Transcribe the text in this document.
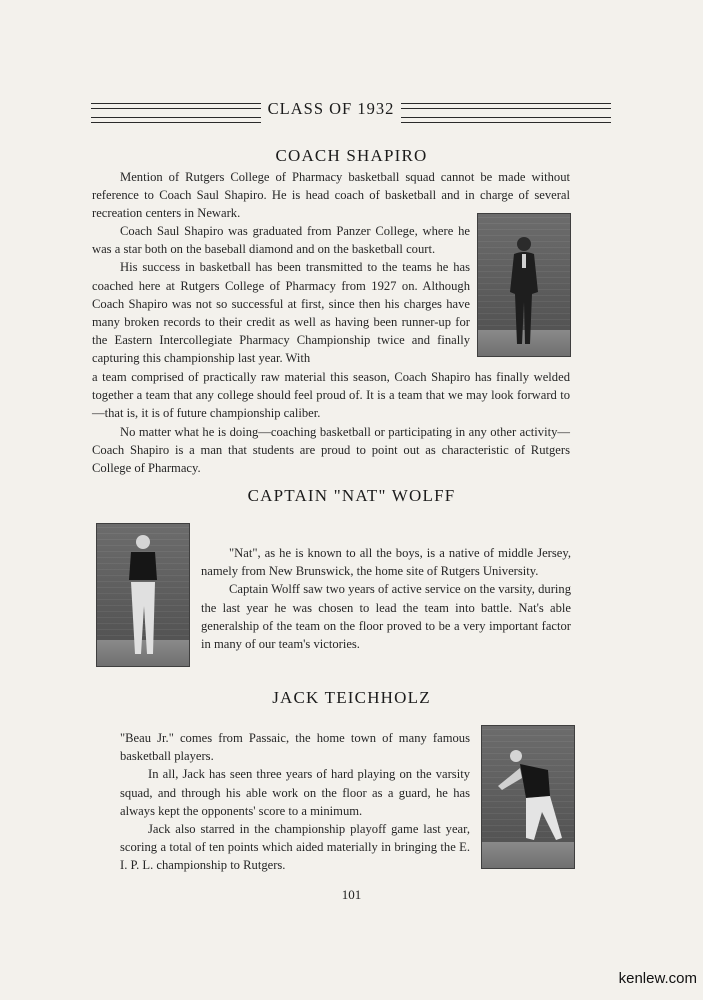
CLASS OF 1932
COACH SHAPIRO

Mention of Rutgers College of Pharmacy basketball squad cannot be made without reference to Coach Saul Shapiro. He is head coach of basketball and in charge of several recreation centers in Newark.

Coach Saul Shapiro was graduated from Panzer College, where he was a star both on the baseball diamond and on the basketball court.

His success in basketball has been transmitted to the teams he has coached here at Rutgers College of Pharmacy from 1927 on. Although Coach Shapiro was not so successful at first, since then his charges have many broken records to their credit as well as having been runner-up for the Eastern Intercollegiate Pharmacy Championship twice and finally capturing this championship last year. With

a team comprised of practically raw material this season, Coach Shapiro has finally welded together a team that any college should feel proud of. It is a team that we may look forward to—that is, it is of future championship caliber.

No matter what he is doing—coaching basketball or participating in any other activity—Coach Shapiro is a man that students are proud to point out as characteristic of Rutgers College of Pharmacy.

CAPTAIN "NAT" WOLFF

"Nat", as he is known to all the boys, is a native of middle Jersey, namely from New Brunswick, the home site of Rutgers University.

Captain Wolff saw two years of active service on the varsity, during the last year he was chosen to lead the team into battle. Nat's able generalship of the team on the floor proved to be a very important factor in many of our team's victories.

JACK TEICHHOLZ

"Beau Jr." comes from Passaic, the home town of many famous basketball players.

In all, Jack has seen three years of hard playing on the varsity squad, and through his able work on the floor as a guard, he has always kept the opponents' score to a minimum.

Jack also starred in the championship playoff game last year, scoring a total of ten points which aided materially in bringing the E. I. P. L. championship to Rutgers.

101
kenlew.com
